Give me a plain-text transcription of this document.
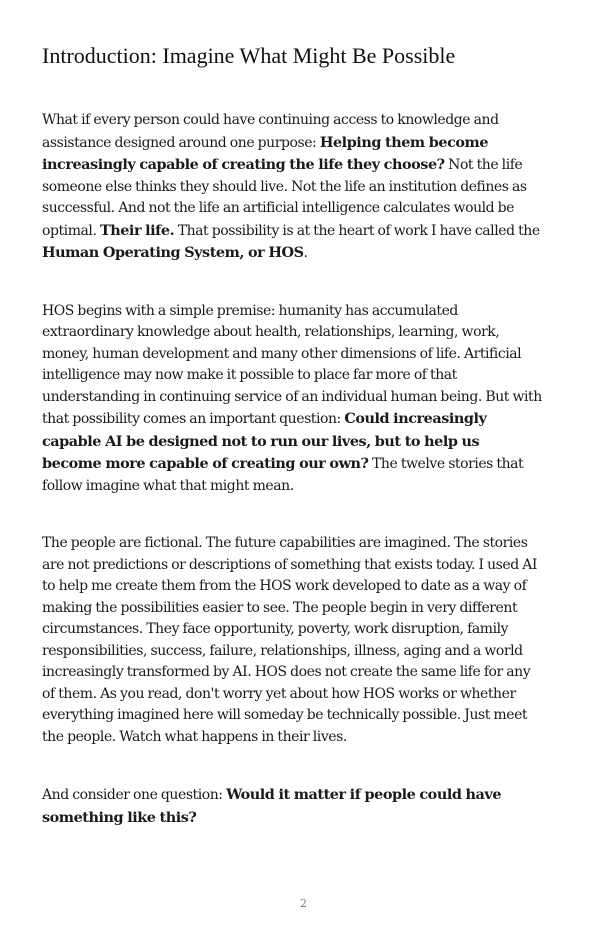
Introduction: Imagine What Might Be Possible

What if every person could have continuing access to knowledge and assistance designed around one purpose: Helping them become increasingly capable of creating the life they choose? Not the life someone else thinks they should live. Not the life an institution defines as successful. And not the life an artificial intelligence calculates would be optimal. Their life. That possibility is at the heart of work I have called the Human Operating System, or HOS.

HOS begins with a simple premise: humanity has accumulated extraordinary knowledge about health, relationships, learning, work, money, human development and many other dimensions of life. Artificial intelligence may now make it possible to place far more of that understanding in continuing service of an individual human being. But with that possibility comes an important question: Could increasingly capable AI be designed not to run our lives, but to help us become more capable of creating our own? The twelve stories that follow imagine what that might mean.

The people are fictional. The future capabilities are imagined. The stories are not predictions or descriptions of something that exists today. I used AI to help me create them from the HOS work developed to date as a way of making the possibilities easier to see. The people begin in very different circumstances. They face opportunity, poverty, work disruption, family responsibilities, success, failure, relationships, illness, aging and a world increasingly transformed by AI. HOS does not create the same life for any of them. As you read, don't worry yet about how HOS works or whether everything imagined here will someday be technically possible. Just meet the people. Watch what happens in their lives.

And consider one question: Would it matter if people could have something like this?

2
